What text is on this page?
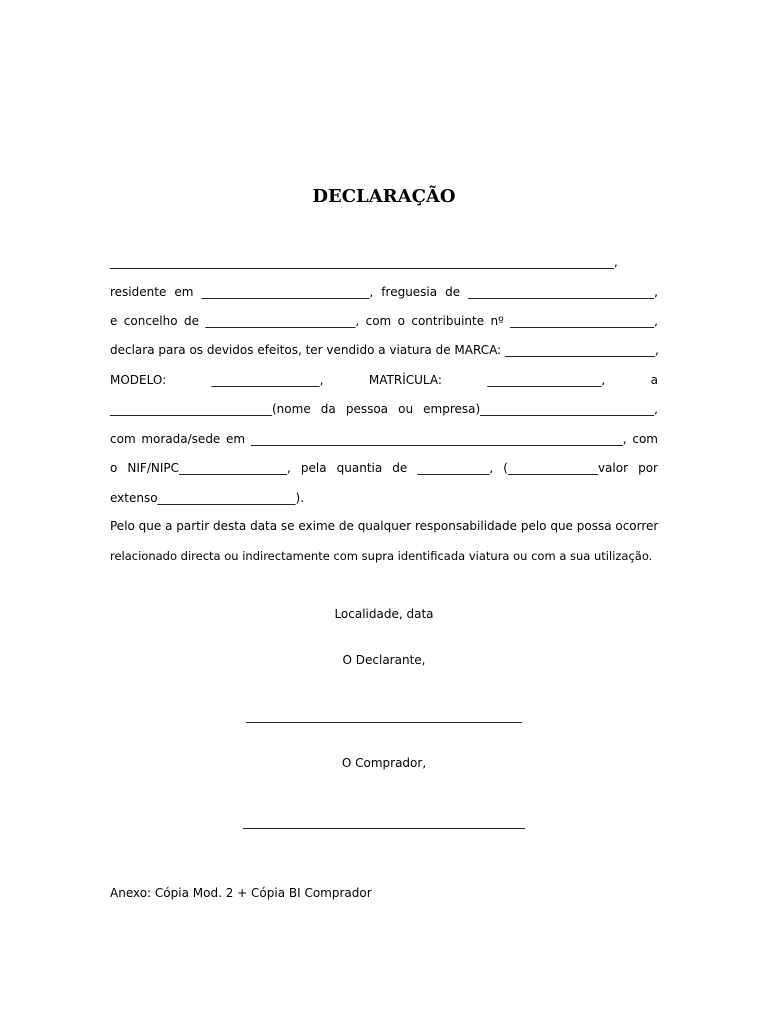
DECLARAÇÃO
____________________________________________________________________________________,
residente em ____________________________, freguesia de _______________________________,
e concelho de _________________________, com o contribuinte nº ________________________,
declara para os devidos efeitos, ter vendido a viatura de MARCA: _________________________,
MODELO: __________________, MATRÍCULA: ___________________, a
___________________________(nome da pessoa ou empresa)_____________________________,
com morada/sede em ______________________________________________________________, com
o NIF/NIPC__________________, pela quantia de ____________, (_______________valor por
extenso_______________________).
Pelo que a partir desta data se exime de qualquer responsabilidade pelo que possa ocorrer
relacionado directa ou indirectamente com supra identificada viatura ou com a sua utilização.
Localidade, data
O Declarante,
______________________________________________
O Comprador,
_______________________________________________
Anexo: Cópia Mod. 2 + Cópia BI Comprador
